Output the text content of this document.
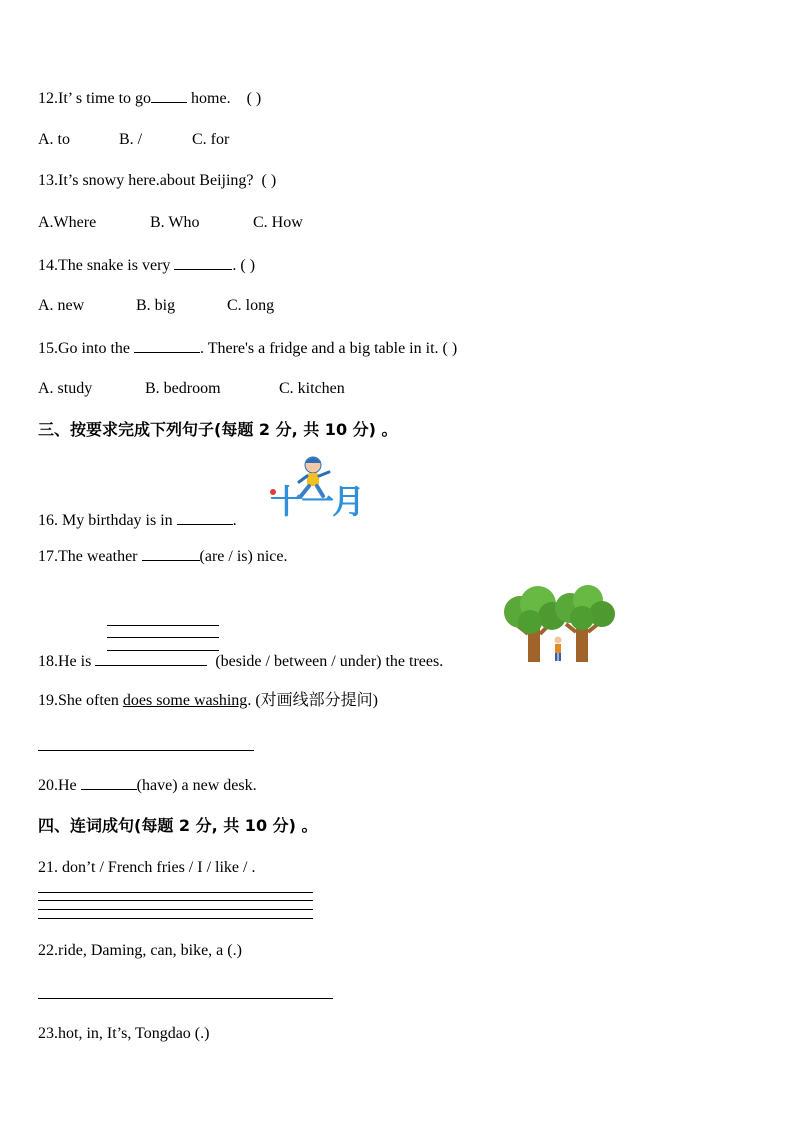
12.It’ s time to go home. ( )
A. to	B. /	C. for
13.It’s snowy here.about Beijing? ( )
A.Where	B. Who	C. How
14.The snake is very	. ( )
A. new	B. big	C. long
15.Go into the	. There's a fridge and a big table in it. ( )
A. study	B. bedroom	C. kitchen
三、按要求完成下列句子(每题 2 分, 共 10 分) 。
16. My birthday is in	. 十一月
17.The weather	(are / is) nice.
18.He is	(beside / between / under) the trees.
19.She often does some washing. (对画线部分提问)
20.He	(have) a new desk.
四、连词成句(每题 2 分, 共 10 分) 。
21. don’t / French fries / I / like / .
22.ride, Daming, can, bike, a (.)
23.hot, in, It’s, Tongdao (.)
